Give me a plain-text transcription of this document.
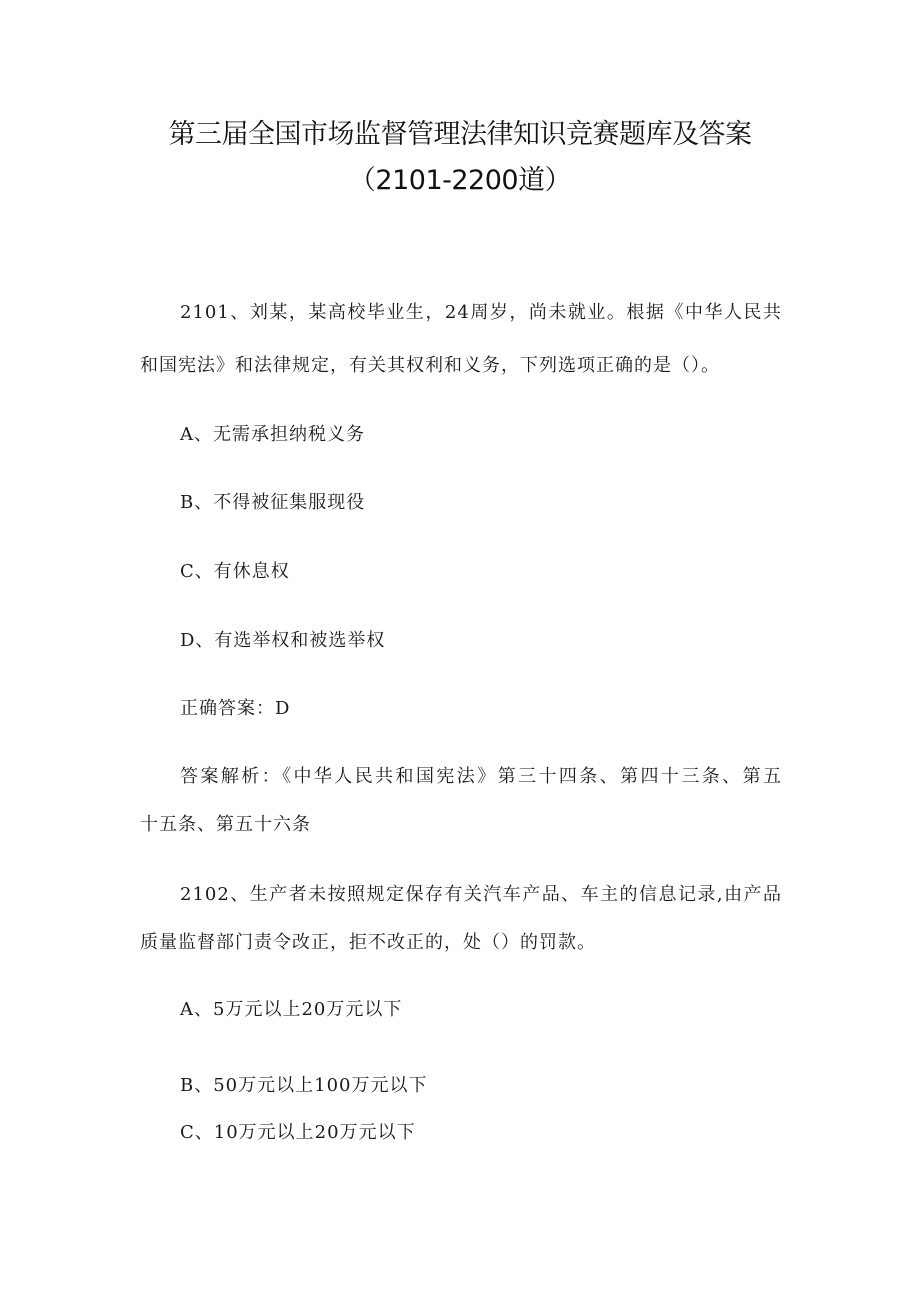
第三届全国市场监督管理法律知识竞赛题库及答案
（2101-2200道）
2101、刘某，某高校毕业生，24周岁，尚未就业。根据《中华人民共
和国宪法》和法律规定，有关其权利和义务，下列选项正确的是（）。
A、无需承担纳税义务
B、不得被征集服现役
C、有休息权
D、有选举权和被选举权
正确答案：D
答案解析：《中华人民共和国宪法》第三十四条、第四十三条、第五
十五条、第五十六条
2102、生产者未按照规定保存有关汽车产品、车主的信息记录,由产品
质量监督部门责令改正，拒不改正的，处（）的罚款。
A、5万元以上20万元以下
B、50万元以上100万元以下
C、10万元以上20万元以下
